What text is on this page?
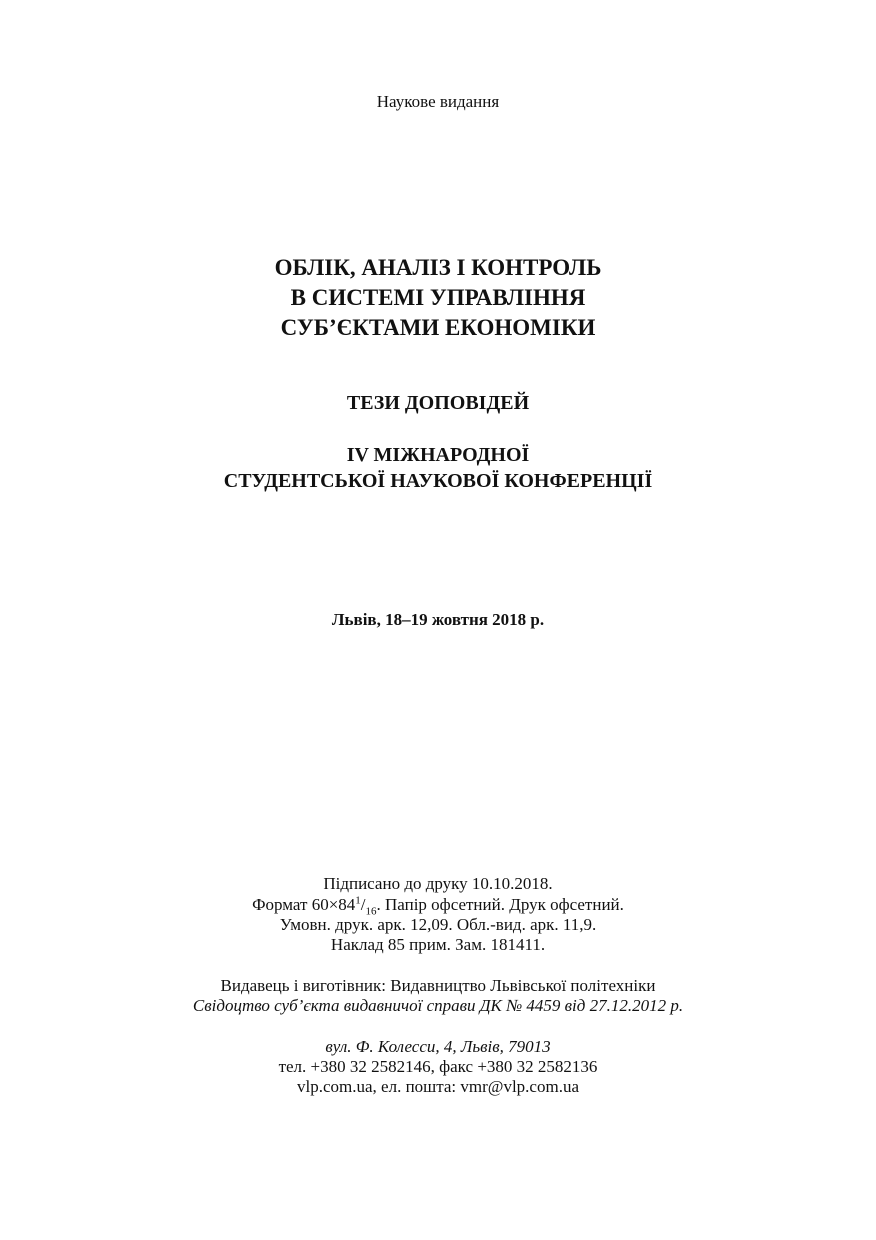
Наукове видання
ОБЛІК, АНАЛІЗ І КОНТРОЛЬ
В СИСТЕМІ УПРАВЛІННЯ
СУБ’ЄКТАМИ ЕКОНОМІКИ
ТЕЗИ ДОПОВІДЕЙ
IV МІЖНАРОДНОЇ
СТУДЕНТСЬКОЇ НАУКОВОЇ КОНФЕРЕНЦІЇ
Львів, 18–19 жовтня 2018 р.
Підписано до друку 10.10.2018.
Формат $60\times 84^1/_{16}$. Папір офсетний. Друк офсетний.
Умовн. друк. арк. 12,09. Обл.-вид. арк. 11,9.
Наклад 85 прим. Зам. 181411.
Видавець і виготівник: Видавництво Львівської політехніки
Свідоцтво суб’єкта видавничої справи ДК № 4459 від 27.12.2012 р.
вул. Ф. Колесси, 4, Львів, 79013
тел. +380 32 2582146, факс +380 32 2582136
vlp.com.ua, ел. пошта: vmr@vlp.com.ua
